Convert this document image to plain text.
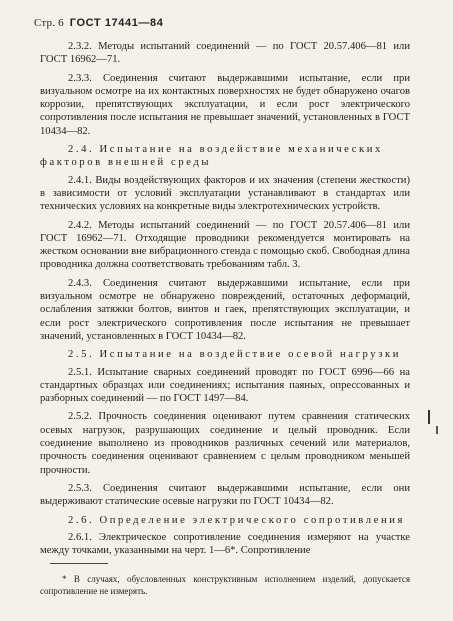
Стр. 6 ГОСТ 17441—84

2.3.2. Методы испытаний соединений — по ГОСТ 20.57.406—81 или ГОСТ 16962—71.

2.3.3. Соединения считают выдержавшими испытание, если при визуальном осмотре на их контактных поверхностях не будет обнаружено очагов коррозии, препятствующих эксплуатации, и если рост электрического сопротивления после испытания не превышает значений, установленных в ГОСТ 10434—82.

2.4. Испытание на воздействие механических факторов внешней среды

2.4.1. Виды воздействующих факторов и их значения (степени жесткости) в зависимости от условий эксплуатации устанавливают в стандартах или технических условиях на конкретные виды электротехнических устройств.

2.4.2. Методы испытаний соединений — по ГОСТ 20.57.406—81 или ГОСТ 16962—71. Отходящие проводники рекомендуется монтировать на жестком основании вне вибрационного стенда с помощью скоб. Свободная длина проводника должна соответствовать требованиям табл. 3.

2.4.3. Соединения считают выдержавшими испытание, если при визуальном осмотре не обнаружено повреждений, остаточных деформаций, ослабления затяжки болтов, винтов и гаек, препятствующих эксплуатации, и если рост электрического сопротивления после испытания не превышает значений, установленных в ГОСТ 10434—82.

2.5. Испытание на воздействие осевой нагрузки

2.5.1. Испытание сварных соединений проводят по ГОСТ 6996—66 на стандартных образцах или соединениях; испытания паяных, опрессованных и разборных соединений — по ГОСТ 1497—84.

2.5.2. Прочность соединения оценивают путем сравнения статических осевых нагрузок, разрушающих соединение и целый проводник. Если соединение выполнено из проводников различных сечений или материалов, прочность соединения оценивают сравнением с целым проводником меньшей прочности.

2.5.3. Соединения считают выдержавшими испытание, если они выдерживают статические осевые нагрузки по ГОСТ 10434—82.

2.6. Определение электрического сопротивления

2.6.1. Электрическое сопротивление соединения измеряют на участке между точками, указанными на черт. 1—6*. Сопротивление

* В случаях, обусловленных конструктивным исполнением изделий, допускается сопротивление не измерять.
